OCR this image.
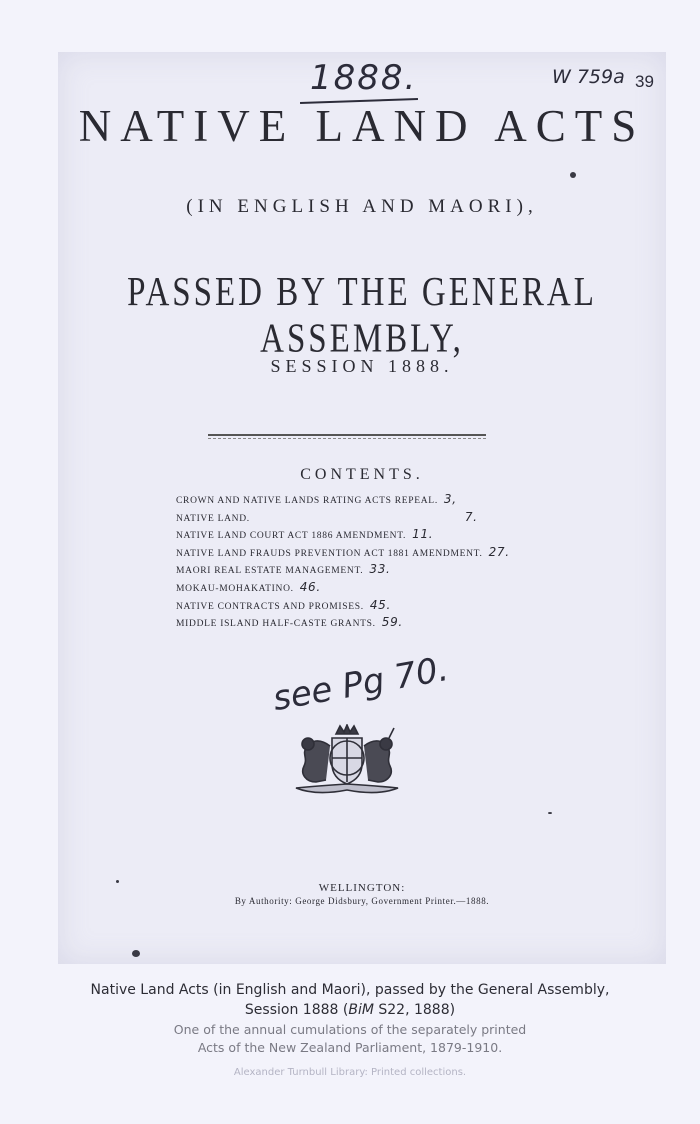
1888.	W 759a 39
NATIVE LAND ACTS
(IN ENGLISH AND MAORI),
PASSED BY THE GENERAL ASSEMBLY,
SESSION 1888.
CONTENTS.
CROWN AND NATIVE LANDS RATING ACTS REPEAL. 3,
NATIVE LAND.	7.
NATIVE LAND COURT ACT 1886 AMENDMENT. 11.
NATIVE LAND FRAUDS PREVENTION ACT 1881 AMENDMENT. 27.
MAORI REAL ESTATE MANAGEMENT. 33.
MOKAU-MOHAKATINO. 46.
NATIVE CONTRACTS AND PROMISES. 45.
MIDDLE ISLAND HALF-CASTE GRANTS. 59.
see Pg 70.
WELLINGTON:
By Authority: George Didsbury, Government Printer.—1888.
Native Land Acts (in English and Maori), passed by the General Assembly,
Session 1888 (BiM S22, 1888)
One of the annual cumulations of the separately printed
Acts of the New Zealand Parliament, 1879-1910.
Alexander Turnbull Library: Printed collections.
